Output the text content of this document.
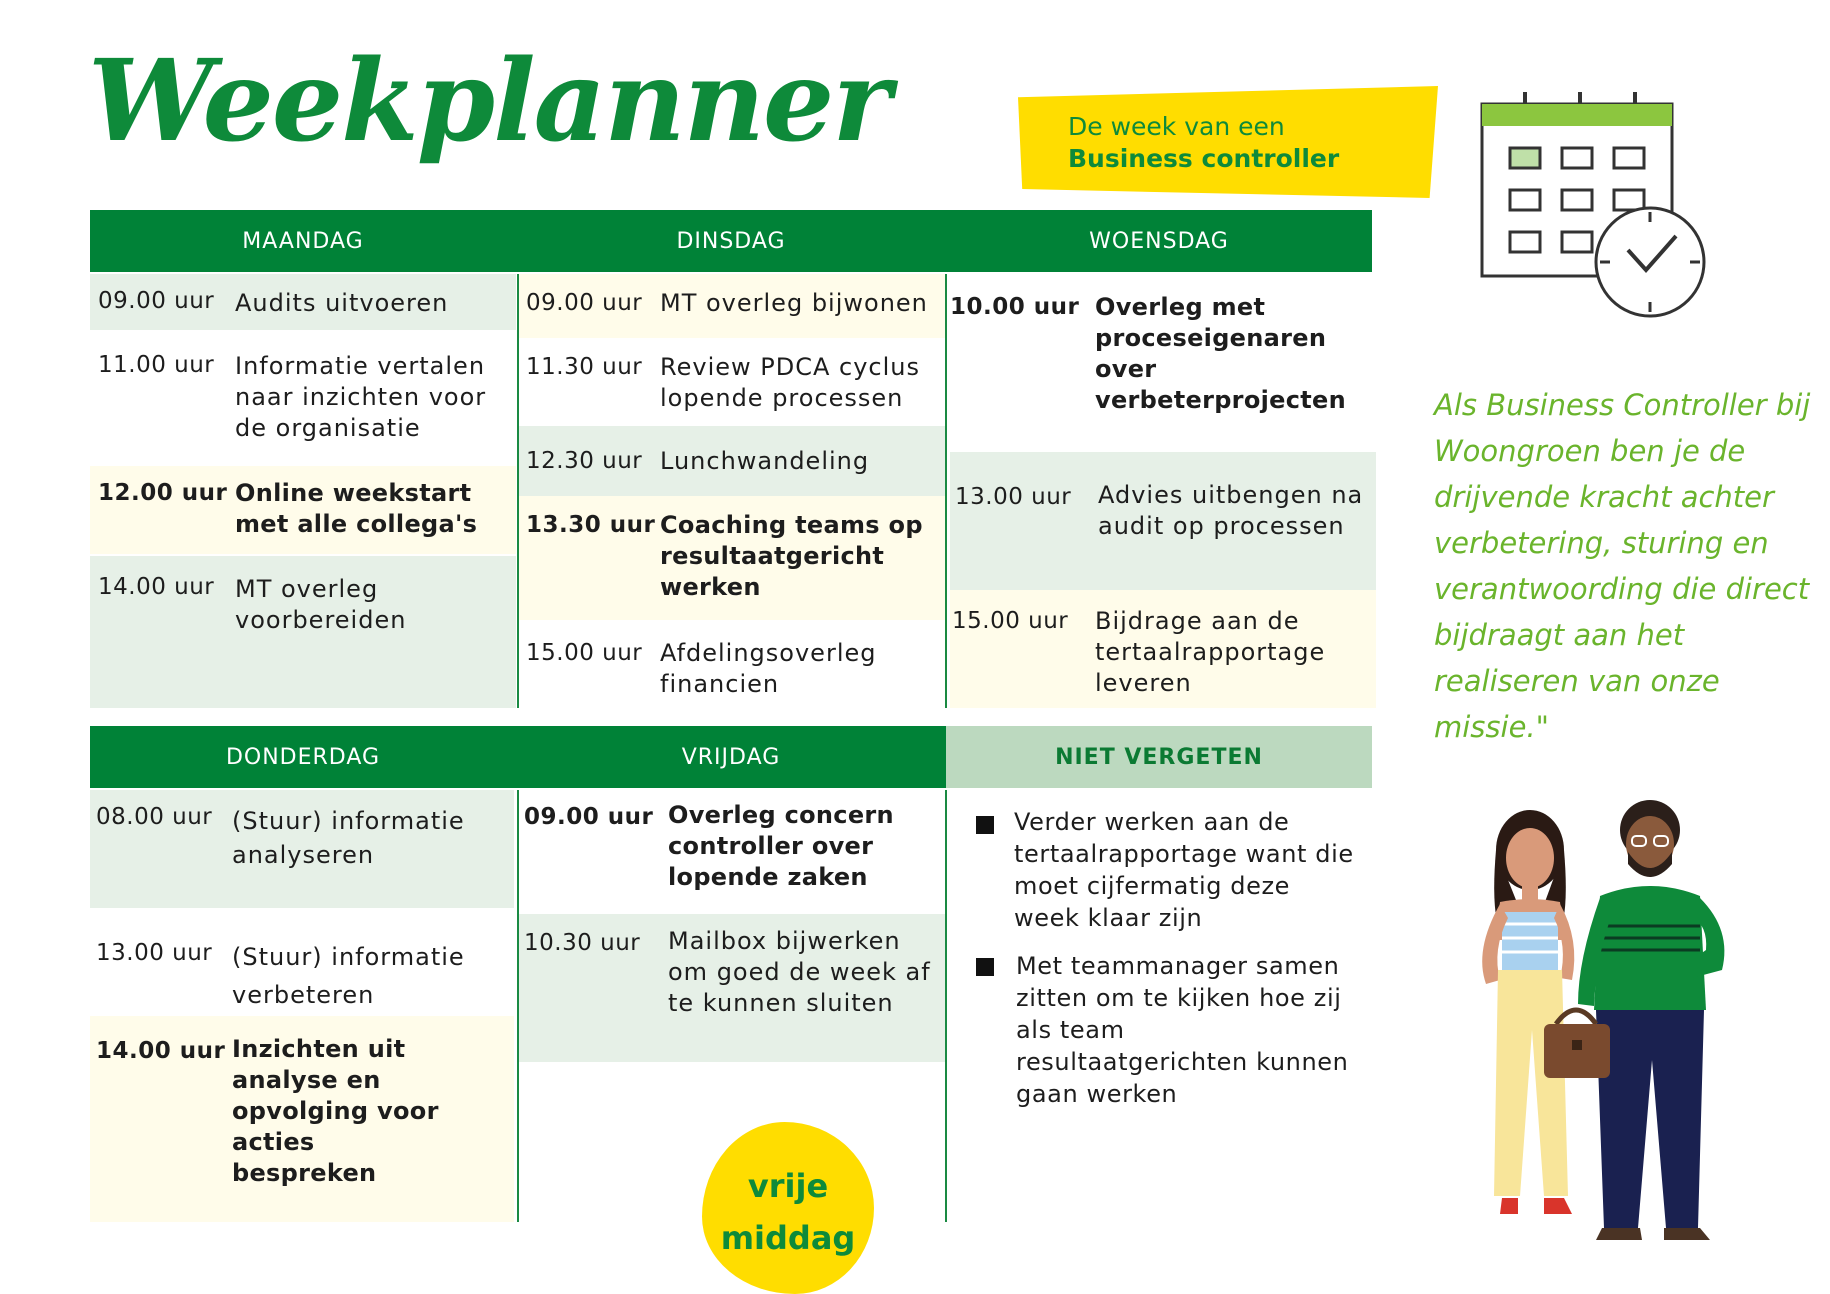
Weekplanner	De week van een
Business controller
Als Business Controller bij Woongroen ben je de drijvende kracht achter verbetering, sturing en verantwoording die direct bijdraagt aan het realiseren van onze missie."
MAANDAG	DINSDAG	WOENSDAG
09.00 uur Audits uitvoeren
11.00 uur Informatie vertalen naar inzichten voor de organisatie
12.00 uur Online weekstart met alle collega's
14.00 uur MT overleg voorbereiden
09.00 uur MT overleg bijwonen
11.30 uur Review PDCA cyclus lopende processen
12.30 uur Lunchwandeling
13.30 uur Coaching teams op resultaatgericht werken
15.00 uur Afdelingsoverleg financien
10.00 uur Overleg met proceseigenaren over verbeterprojecten
13.00 uur Advies uitbengen na audit op processen
15.00 uur Bijdrage aan de tertaalrapportage leveren
DONDERDAG	VRIJDAG	NIET VERGETEN
08.00 uur (Stuur) informatie analyseren
13.00 uur (Stuur) informatie verbeteren
14.00 uur Inzichten uit analyse en opvolging voor acties bespreken
09.00 uur Overleg concern controller over lopende zaken
10.30 uur Mailbox bijwerken om goed de week af te kunnen sluiten
vrije
middag
Verder werken aan de tertaalrapportage want die moet cijfermatig deze week klaar zijn
Met teammanager samen zitten om te kijken hoe zij als team resultaatgerichten kunnen gaan werken
